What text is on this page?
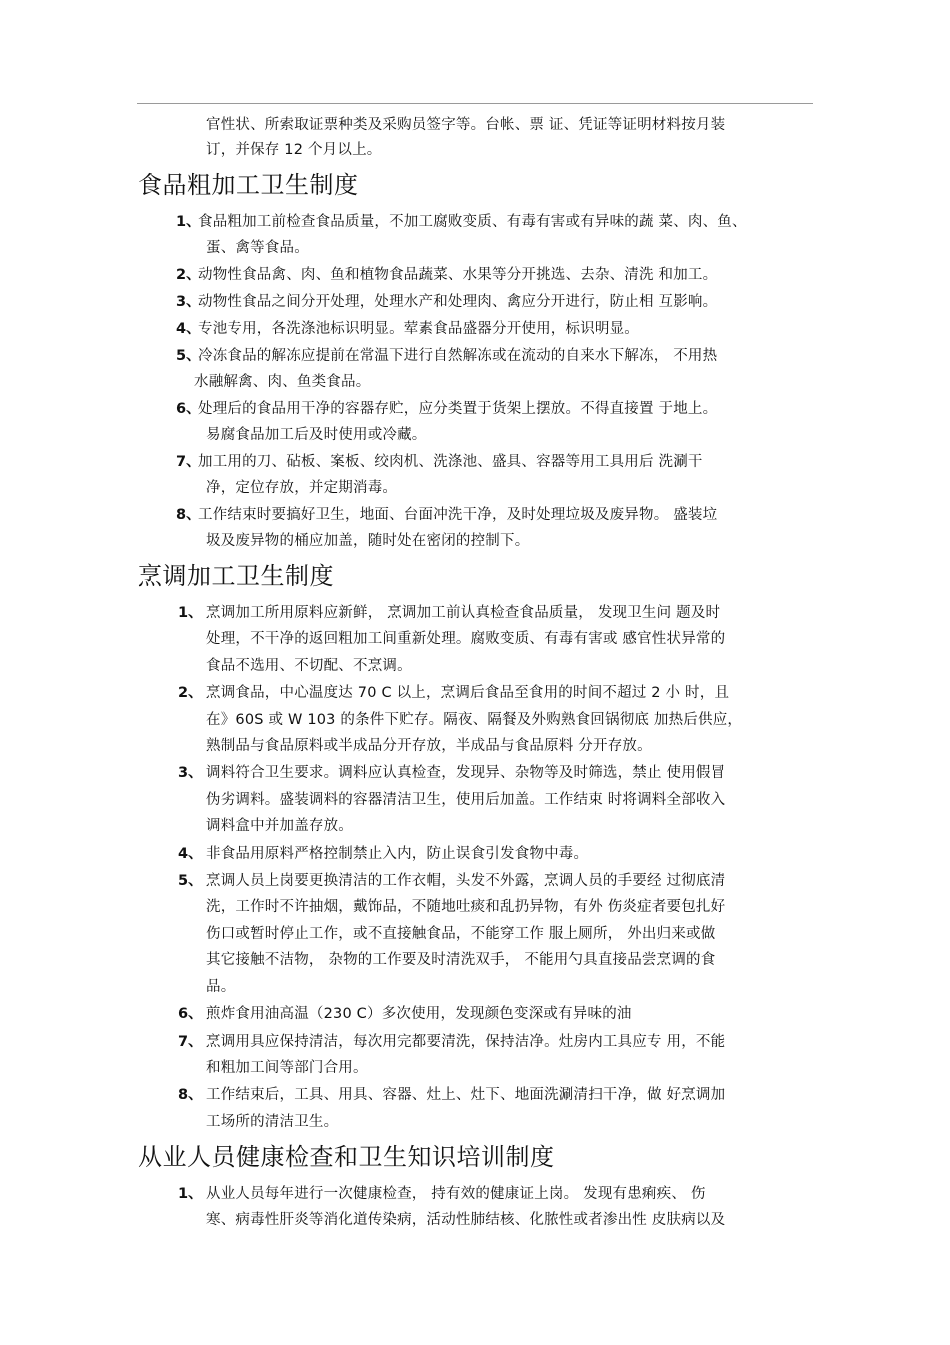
官性状、所索取证票种类及采购员签字等。台帐、票 证、凭证等证明材料按月装
订，并保存 12 个月以上。
食品粗加工卫生制度
1、
食品粗加工前检查食品质量，不加工腐败变质、有毒有害或有异味的蔬 菜、肉、鱼、
蛋、禽等食品。
2、
动物性食品禽、肉、鱼和植物食品蔬菜、水果等分开挑选、去杂、清洗 和加工。
3、
动物性食品之间分开处理，处理水产和处理肉、禽应分开进行，防止相 互影响。
4、
专池专用，各洗涤池标识明显。荤素食品盛器分开使用，标识明显。
5、
冷冻食品的解冻应提前在常温下进行自然解冻或在流动的自来水下解冻， 不用热
水融解禽、肉、鱼类食品。
6、
处理后的食品用干净的容器存贮，应分类置于货架上摆放。不得直接置 于地上。
易腐食品加工后及时使用或冷藏。
7、
加工用的刀、砧板、案板、绞肉机、洗涤池、盛具、容器等用工具用后 洗涮干
净，定位存放，并定期消毒。
8、
工作结束时要搞好卫生，地面、台面冲洗干净，及时处理垃圾及废异物。 盛装垃
圾及废异物的桶应加盖，随时处在密闭的控制下。
烹调加工卫生制度
1、 烹调加工所用原料应新鲜， 烹调加工前认真检查食品质量， 发现卫生问 题及时
处理，不干净的返回粗加工间重新处理。腐败变质、有毒有害或 感官性状异常的
食品不选用、不切配、不烹调。
2、 烹调食品，中心温度达 70 C 以上，烹调后食品至食用的时间不超过 2 小 时，且
在》60S 或 W 103 的条件下贮存。隔夜、隔餐及外购熟食回锅彻底 加热后供应，
熟制品与食品原料或半成品分开存放，半成品与食品原料 分开存放。
3、 调料符合卫生要求。调料应认真检查，发现异、杂物等及时筛选，禁止 使用假冒
伪劣调料。盛装调料的容器清洁卫生，使用后加盖。工作结束 时将调料全部收入
调料盒中并加盖存放。
4、 非食品用原料严格控制禁止入内，防止误食引发食物中毒。
5、 烹调人员上岗要更换清洁的工作衣帽，头发不外露，烹调人员的手要经 过彻底清
洗，工作时不许抽烟，戴饰品，不随地吐痰和乱扔异物，有外 伤炎症者要包扎好
伤口或暂时停止工作，或不直接触食品，不能穿工作 服上厕所， 外出归来或做
其它接触不洁物， 杂物的工作要及时清洗双手， 不能用勺具直接品尝烹调的食
品。
6、 煎炸食用油高温（230 C）多次使用，发现颜色变深或有异味的油
7、 烹调用具应保持清洁，每次用完都要清洗，保持洁净。灶房内工具应专 用，不能
和粗加工间等部门合用。
8、 工作结束后，工具、用具、容器、灶上、灶下、地面洗涮清扫干净，做 好烹调加
工场所的清洁卫生。
从业人员健康检查和卫生知识培训制度
1、 从业人员每年进行一次健康检查， 持有效的健康证上岗。 发现有患痢疾、 伤
寒、病毒性肝炎等消化道传染病，活动性肺结核、化脓性或者渗出性 皮肤病以及
